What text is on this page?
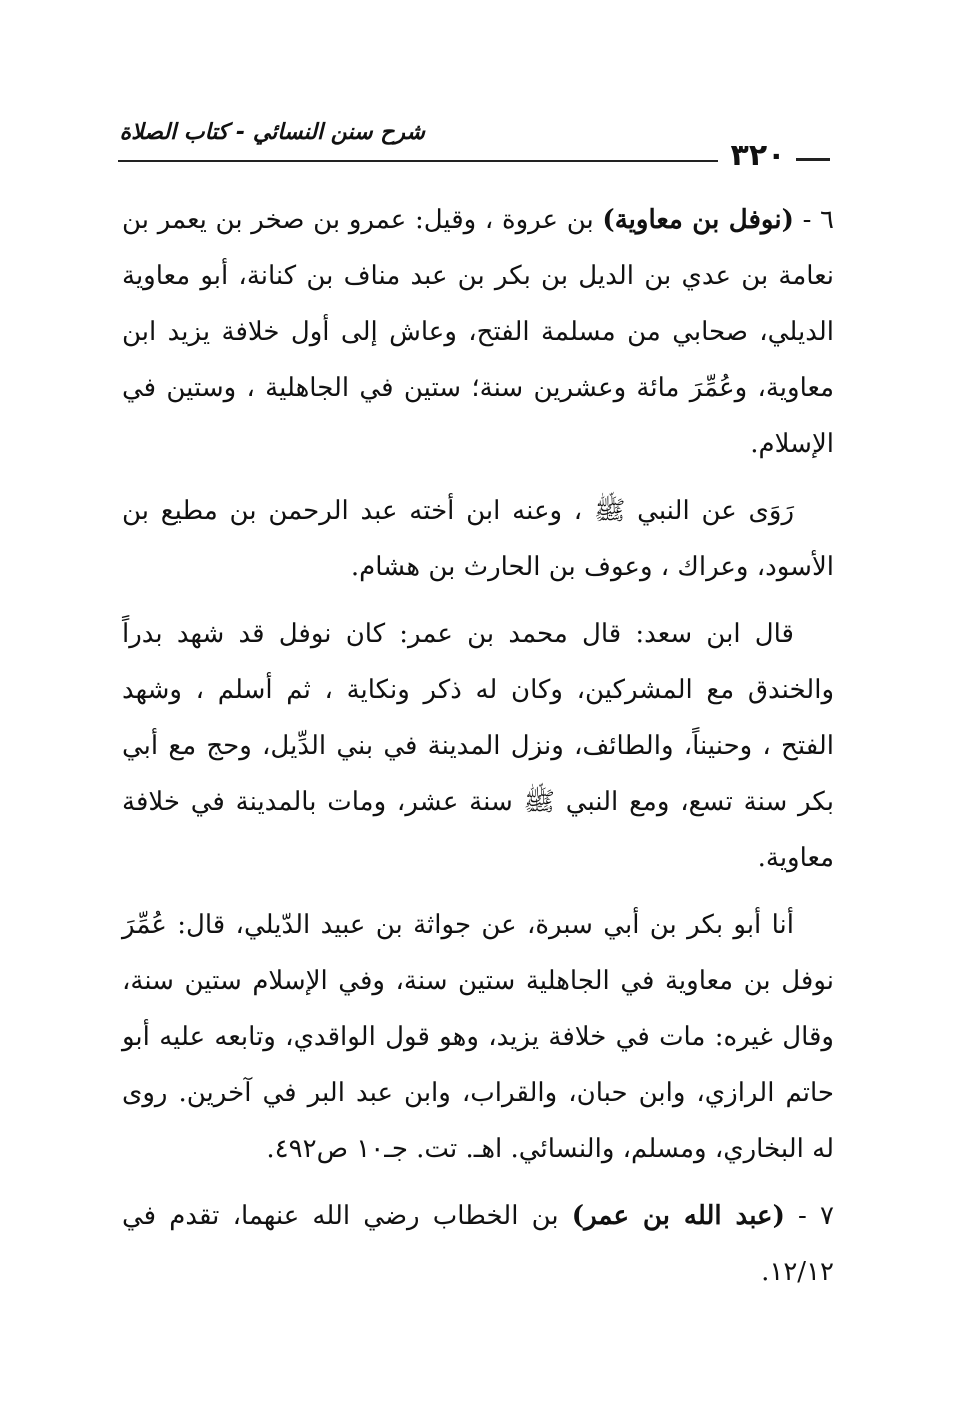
شرح سنن النسائي - كتاب الصلاة
٣٢٠

٦ - (نوفل بن معاوية) بن عروة ، وقيل: عمرو بن صخر بن يعمر بن نعامة بن عدي بن الديل بن بكر بن عبد مناف بن كنانة، أبو معاوية الديلي، صحابي من مسلمة الفتح، وعاش إلى أول خلافة يزيد ابن معاوية، وعُمِّرَ مائة وعشرين سنة؛ ستين في الجاهلية ، وستين في الإسلام.

رَوَى عن النبي ﷺ ، وعنه ابن أخته عبد الرحمن بن مطيع بن الأسود، وعراك ، وعوف بن الحارث بن هشام.

قال ابن سعد: قال محمد بن عمر: كان نوفل قد شهد بدراً والخندق مع المشركين، وكان له ذكر ونكاية ، ثم أسلم ، وشهد الفتح ، وحنيناً، والطائف، ونزل المدينة في بني الدِّيل، وحج مع أبي بكر سنة تسع، ومع النبي ﷺ سنة عشر، ومات بالمدينة في خلافة معاوية.

أنا أبو بكر بن أبي سبرة، عن جواثة بن عبيد الدّيلي، قال: عُمِّرَ نوفل بن معاوية في الجاهلية ستين سنة، وفي الإسلام ستين سنة، وقال غيره: مات في خلافة يزيد، وهو قول الواقدي، وتابعه عليه أبو حاتم الرازي، وابن حبان، والقراب، وابن عبد البر في آخرين. روى له البخاري، ومسلم، والنسائي. اهـ. تت. جـ١٠ ص٤٩٢.

٧ - (عبد الله بن عمر) بن الخطاب رضي الله عنهما، تقدم في ١٢/١٢.
